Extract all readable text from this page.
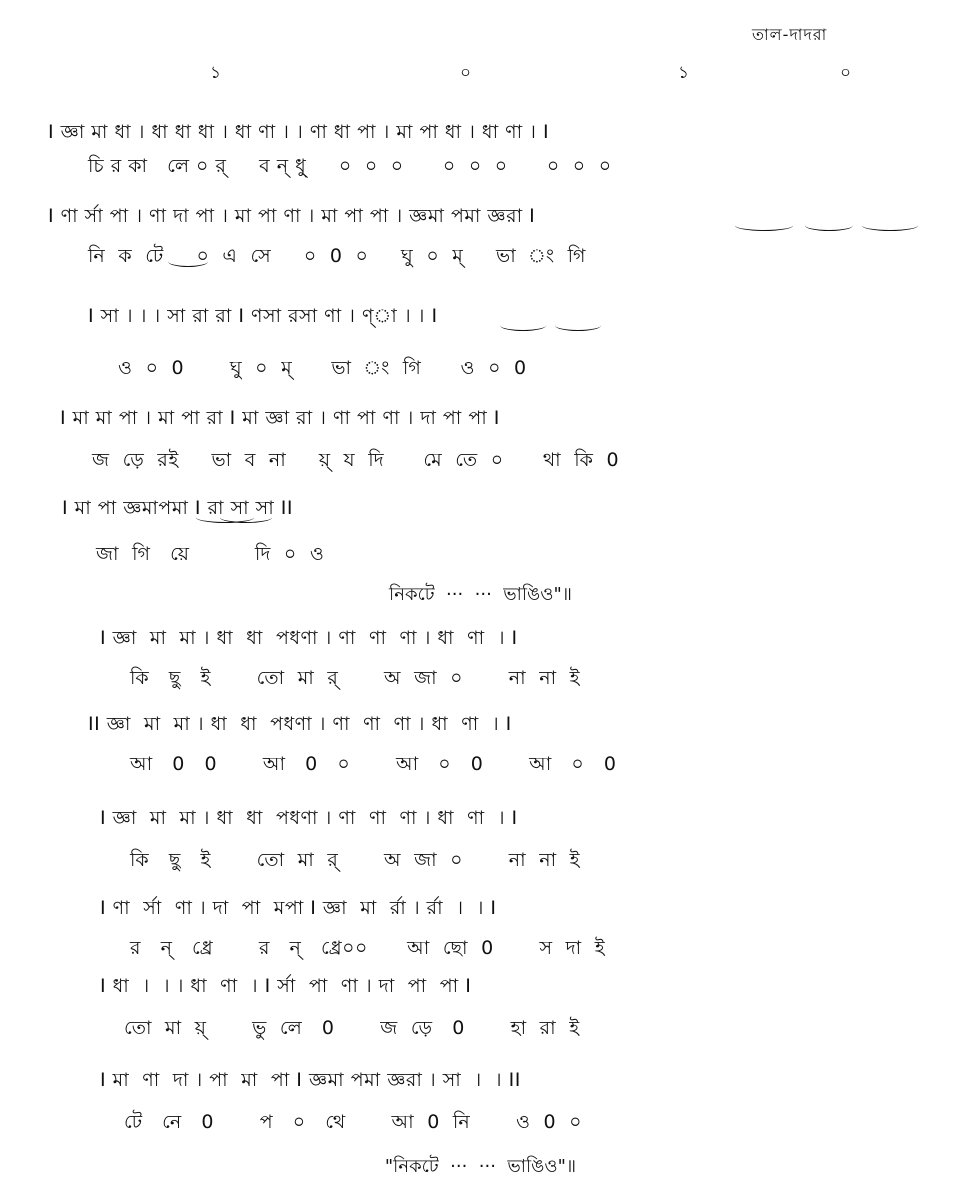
তাল-দাদরা
১	০	১	০
I জ্ঞা মা ধা । ধা ধা ধা । ধা ণা । । ণা ধা পা । মা পা ধা । ধা ণা । I
চি র কা   লে ০ র্     ব ন্ ধু্     ০  ০  ০      ০  ০  ০      ০  ০  ০
I ণা র্সা পা । ণা দা পা । মা পা ণা । মা পা পা । জ্ঞমা পমা জ্ঞরা I
নি  ক  টে     ০  এ  সে     ০  0  ০     ঘু  ০  ম্     ভা  ং  গি
I সা । । । সা রা রা I ণসা রসা ণা । ণ্া । । I
ও  ০  0       ঘু  ০  ম্      ভা  ং  গি      ও  ০  0
I মা মা পা । মা পা রা I মা জ্ঞা রা । ণা পা ণা । দা পা পা I
জ  ড়ে  রই     ভা  ব  না     য়্  য  দি      মে  তে  ০      থা  কি  0
I মা পা জ্ঞমাপমা I রা সা সা II
জা  গি   য়ে          দি  ০  ও
নিকটে  ···  ···  ভাঙিও"॥
I জ্ঞা  মা  মা । ধা  ধা  পধণা । ণা  ণা  ণা । ধা  ণা  । I
কি   ছু   ই       তো  মা  র্       অ  জা  ০       না  না  ই
II জ্ঞা  মা  মা । ধা  ধা  পধণা । ণা  ণা  ণা । ধা  ণা  । I
আ   0   0       আ   0   ০       আ   ০   0       আ   ০   0
I জ্ঞা  মা  মা । ধা  ধা  পধণা । ণা  ণা  ণা । ধা  ণা  । I
কি   ছু   ই       তো  মা  র্       অ  জা  ০       না  না  ই
I ণা  র্সা  ণা । দা  পা  মপা I জ্ঞা  মা  র্রা । র্রা  ।  । I
র   ন্   ধ্রে       র   ন্   ধ্রে০০      আ  ছো  0       স  দা  ই
I ধা  ।  । । ধা  ণা  । I র্সা  পা  ণা । দা  পা  পা I
তো  মা  য়্       ভু  লে   0       জ  ড়ে   0       হা  রা  ই
I মা  ণা  দা । পা  মা  পা I জ্ঞমা পমা জ্ঞরা । সা  ।  । II
টে   নে   0       প   ০   থে       আ  0  নি       ও  0  ০
"নিকটে  ···  ···  ভাঙিও"॥
